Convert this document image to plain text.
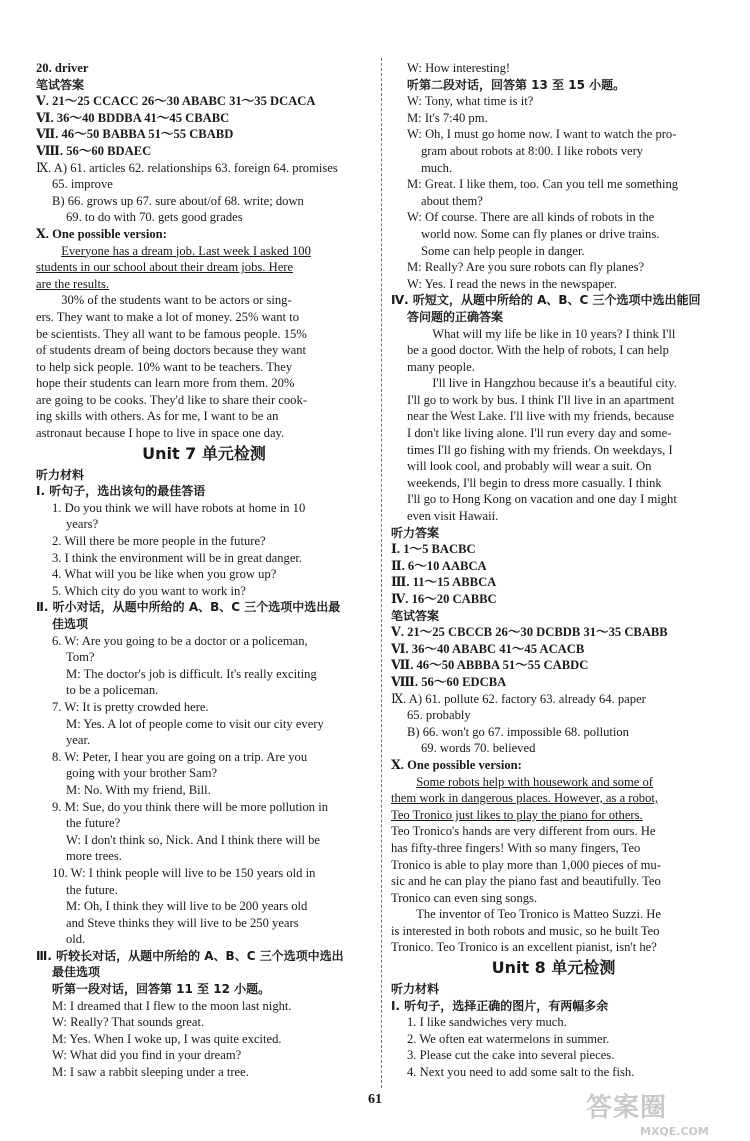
20. driver
笔试答案
Ⅴ. 21～25 CCACC 26～30 ABABC 31～35 DCACA
Ⅵ. 36～40 BDDBA 41～45 CBABC
Ⅶ. 46～50 BABBA 51～55 CBABD
Ⅷ. 56～60 BDAEC
Ⅸ. A) 61. articles 62. relationships 63. foreign 64. promises
65. improve
B) 66. grows up 67. sure about/of 68. write; down
69. to do with 70. gets good grades
Ⅹ. One possible version:
Everyone has a dream job. Last week I asked 100
students in our school about their dream jobs. Here
are the results.
30% of the students want to be actors or sing-
ers. They want to make a lot of money. 25% want to
be scientists. They all want to be famous people. 15%
of students dream of being doctors because they want
to help sick people. 10% want to be teachers. They
hope their students can learn more from them. 20%
are going to be cooks. They'd like to share their cook-
ing skills with others. As for me, I want to be an
astronaut because I hope to live in space one day.
Unit 7 单元检测
听力材料
Ⅰ. 听句子，选出该句的最佳答语
1. Do you think we will have robots at home in 10
years?
2. Will there be more people in the future?
3. I think the environment will be in great danger.
4. What will you be like when you grow up?
5. Which city do you want to work in?
Ⅱ. 听小对话，从题中所给的 A、B、C 三个选项中选出最
佳选项
6. W: Are you going to be a doctor or a policeman,
Tom?
M: The doctor's job is difficult. It's really exciting
to be a policeman.
7. W: It is pretty crowded here.
M: Yes. A lot of people come to visit our city every
year.
8. W: Peter, I hear you are going on a trip. Are you
going with your brother Sam?
M: No. With my friend, Bill.
9. M: Sue, do you think there will be more pollution in
the future?
W: I don't think so, Nick. And I think there will be
more trees.
10. W: I think people will live to be 150 years old in
the future.
M: Oh, I think they will live to be 200 years old
and Steve thinks they will live to be 250 years
old.
Ⅲ. 听较长对话，从题中所给的 A、B、C 三个选项中选出
最佳选项
听第一段对话，回答第 11 至 12 小题。
M: I dreamed that I flew to the moon last night.
W: Really? That sounds great.
M: Yes. When I woke up, I was quite excited.
W: What did you find in your dream?
M: I saw a rabbit sleeping under a tree.
W: How interesting!
听第二段对话，回答第 13 至 15 小题。
W: Tony, what time is it?
M: It's 7:40 pm.
W: Oh, I must go home now. I want to watch the pro-
gram about robots at 8:00. I like robots very
much.
M: Great. I like them, too. Can you tell me something
about them?
W: Of course. There are all kinds of robots in the
world now. Some can fly planes or drive trains.
Some can help people in danger.
M: Really? Are you sure robots can fly planes?
W: Yes. I read the news in the newspaper.
Ⅳ. 听短文，从题中所给的 A、B、C 三个选项中选出能回
答问题的正确答案
What will my life be like in 10 years? I think I'll
be a good doctor. With the help of robots, I can help
many people.
I'll live in Hangzhou because it's a beautiful city.
I'll go to work by bus. I think I'll live in an apartment
near the West Lake. I'll live with my friends, because
I don't like living alone. I'll run every day and some-
times I'll go fishing with my friends. On weekdays, I
will look cool, and probably will wear a suit. On
weekends, I'll begin to dress more casually. I think
I'll go to Hong Kong on vacation and one day I might
even visit Hawaii.
听力答案
Ⅰ. 1～5 BACBC
Ⅱ. 6～10 AABCA
Ⅲ. 11～15 ABBCA
Ⅳ. 16～20 CABBC
笔试答案
Ⅴ. 21～25 CBCCB 26～30 DCBDB 31～35 CBABB
Ⅵ. 36～40 ABABC 41～45 ACACB
Ⅶ. 46～50 ABBBA 51～55 CABDC
Ⅷ. 56～60 EDCBA
Ⅸ. A) 61. pollute 62. factory 63. already 64. paper
65. probably
B) 66. won't go 67. impossible 68. pollution
69. words 70. believed
Ⅹ. One possible version:
Some robots help with housework and some of
them work in dangerous places. However, as a robot,
Teo Tronico just likes to play the piano for others.
Teo Tronico's hands are very different from ours. He
has fifty-three fingers! With so many fingers, Teo
Tronico is able to play more than 1,000 pieces of mu-
sic and he can play the piano fast and beautifully. Teo
Tronico can even sing songs.
The inventor of Teo Tronico is Matteo Suzzi. He
is interested in both robots and music, so he built Teo
Tronico. Teo Tronico is an excellent pianist, isn't he?
Unit 8 单元检测
听力材料
Ⅰ. 听句子，选择正确的图片，有两幅多余
1. I like sandwiches very much.
2. We often eat watermelons in summer.
3. Please cut the cake into several pieces.
4. Next you need to add some salt to the fish.
61	答案圈
MXQE.COM
